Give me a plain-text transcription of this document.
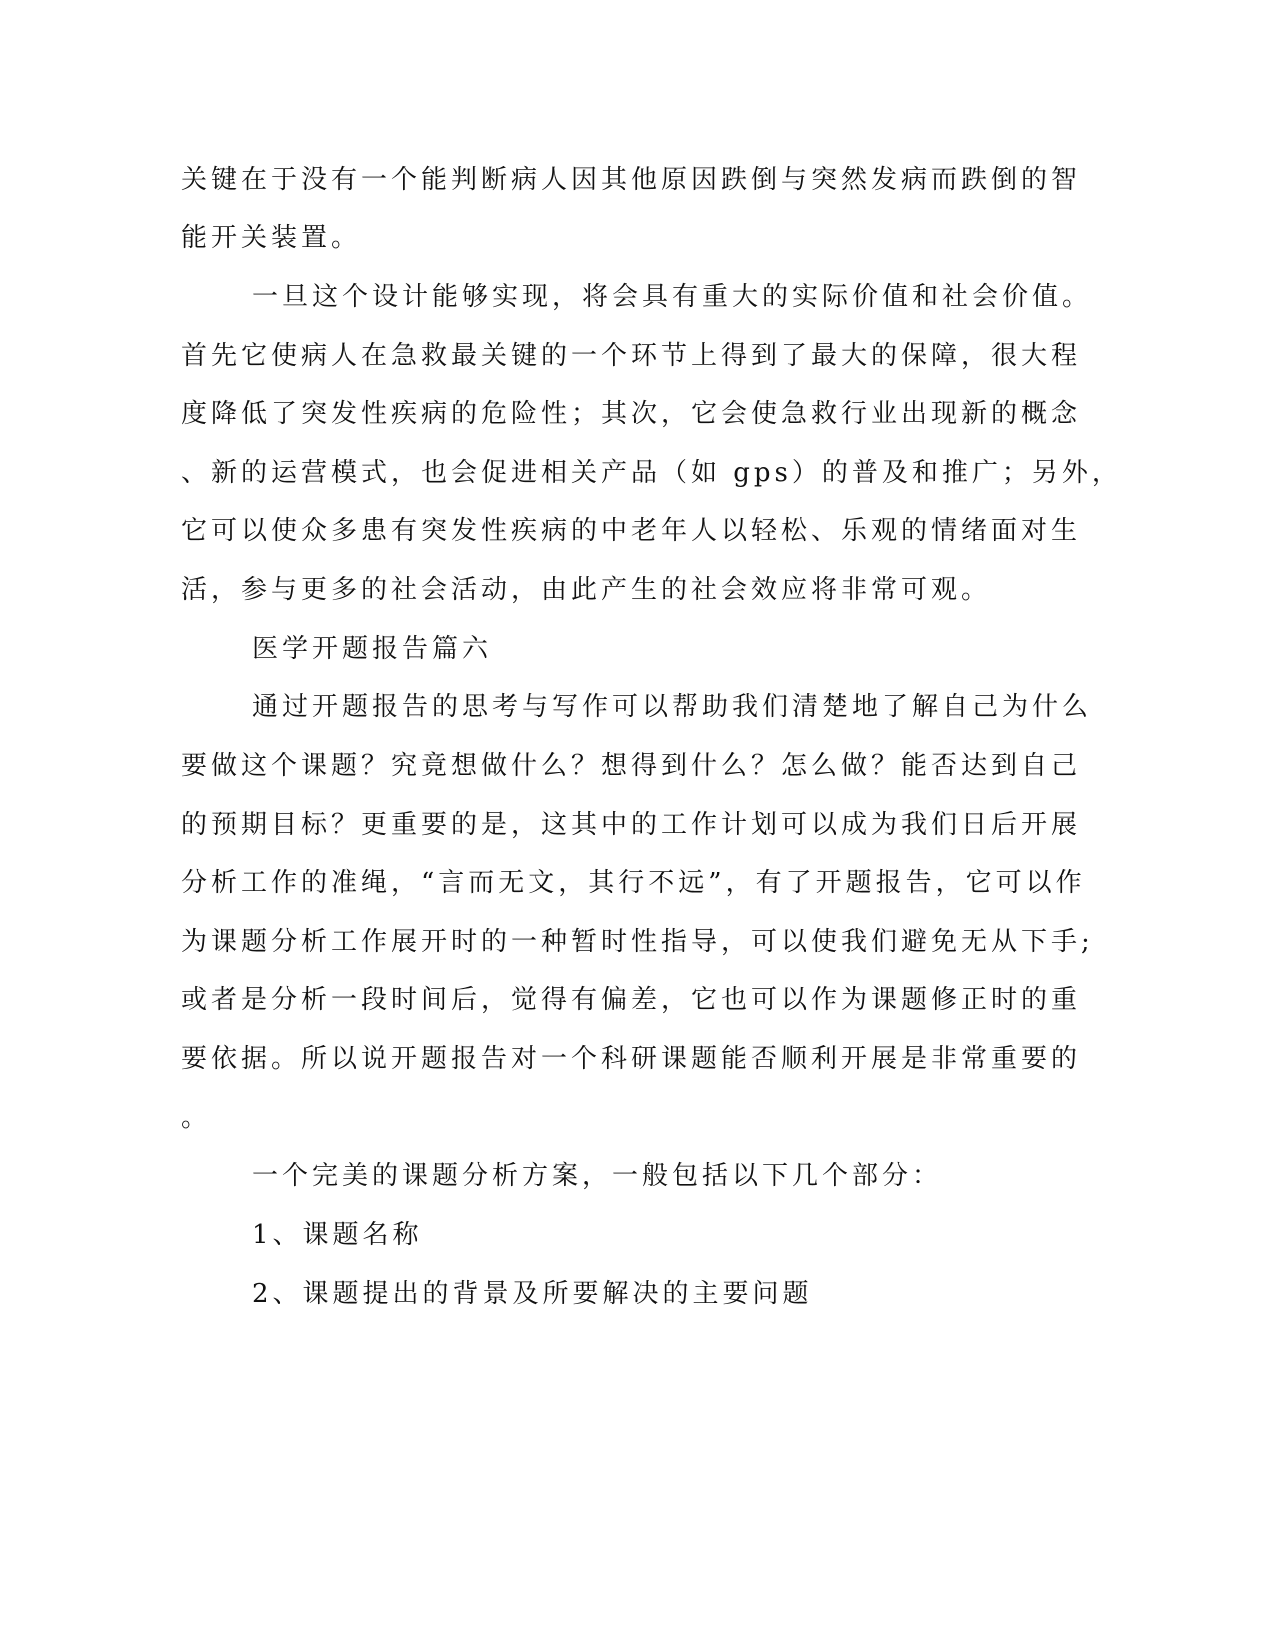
关键在于没有一个能判断病人因其他原因跌倒与突然发病而跌倒的智
能开关装置。
一旦这个设计能够实现，将会具有重大的实际价值和社会价值。
首先它使病人在急救最关键的一个环节上得到了最大的保障，很大程
度降低了突发性疾病的危险性；其次，它会使急救行业出现新的概念
、新的运营模式，也会促进相关产品（如 gps）的普及和推广；另外，
它可以使众多患有突发性疾病的中老年人以轻松、乐观的情绪面对生
活，参与更多的社会活动，由此产生的社会效应将非常可观。
医学开题报告篇六
通过开题报告的思考与写作可以帮助我们清楚地了解自己为什么
要做这个课题？究竟想做什么？想得到什么？怎么做？能否达到自己
的预期目标？更重要的是，这其中的工作计划可以成为我们日后开展
分析工作的准绳，“言而无文，其行不远”，有了开题报告，它可以作
为课题分析工作展开时的一种暂时性指导，可以使我们避免无从下手;
或者是分析一段时间后，觉得有偏差，它也可以作为课题修正时的重
要依据。所以说开题报告对一个科研课题能否顺利开展是非常重要的
。
一个完美的课题分析方案，一般包括以下几个部分：
1、课题名称
2、课题提出的背景及所要解决的主要问题
